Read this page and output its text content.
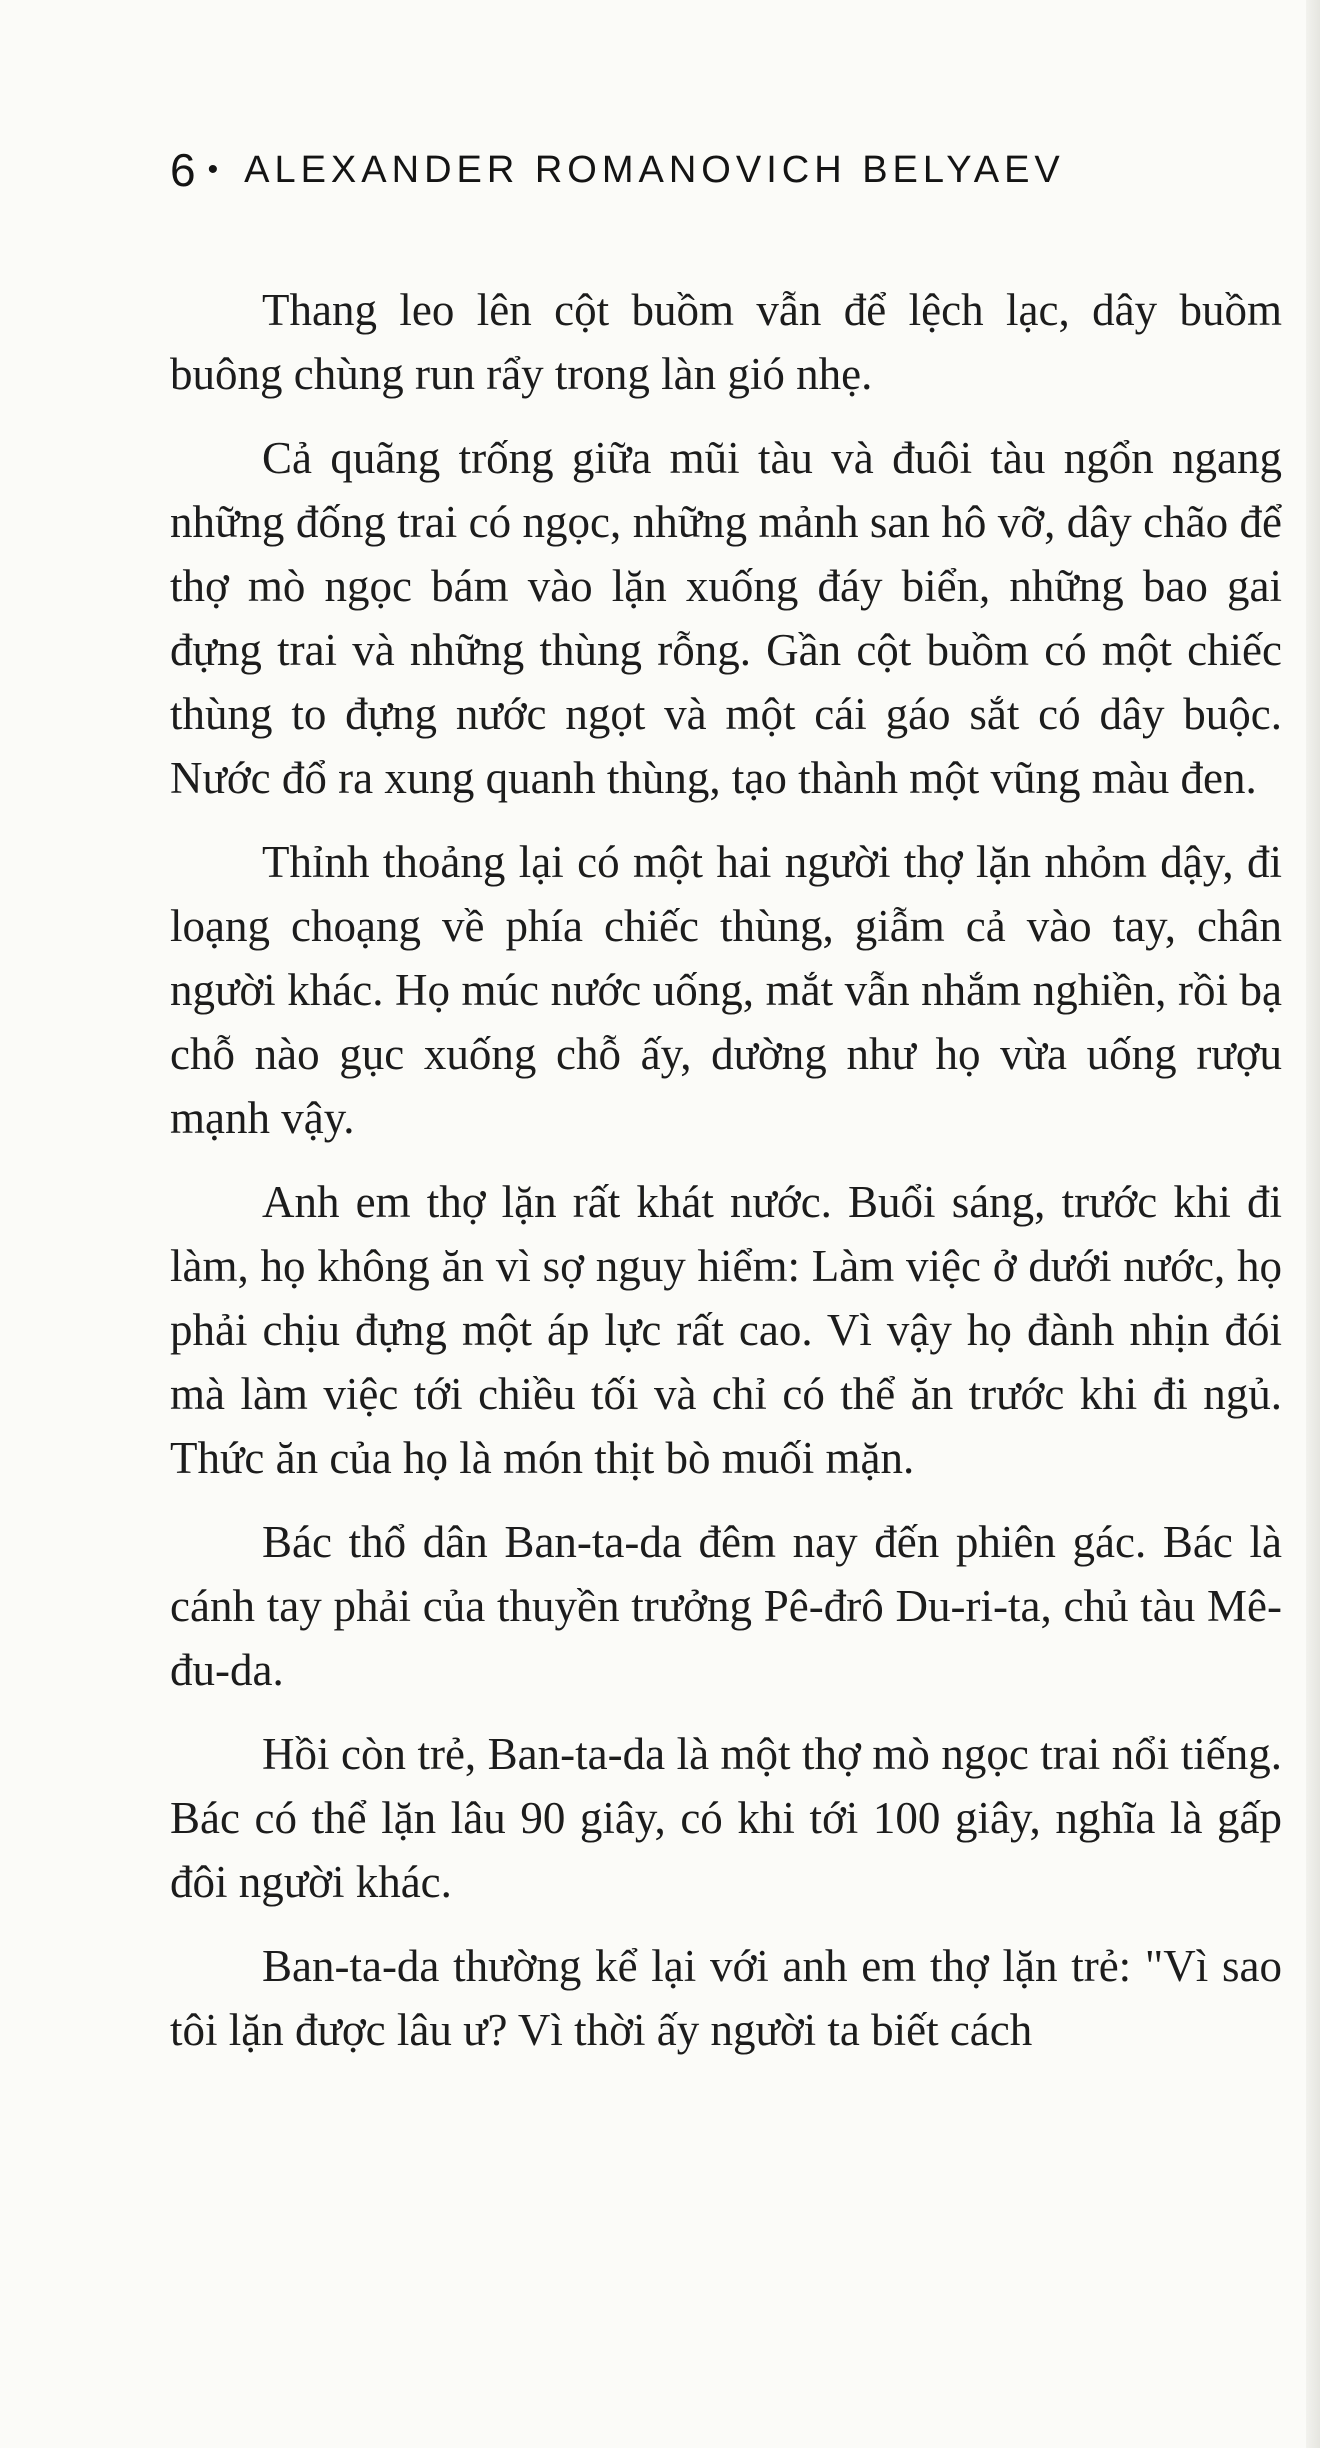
6 • ALEXANDER ROMANOVICH BELYAEV

Thang leo lên cột buồm vẫn để lệch lạc, dây buồm buông chùng run rẩy trong làn gió nhẹ.

Cả quãng trống giữa mũi tàu và đuôi tàu ngổn ngang những đống trai có ngọc, những mảnh san hô vỡ, dây chão để thợ mò ngọc bám vào lặn xuống đáy biển, những bao gai đựng trai và những thùng rỗng. Gần cột buồm có một chiếc thùng to đựng nước ngọt và một cái gáo sắt có dây buộc. Nước đổ ra xung quanh thùng, tạo thành một vũng màu đen.

Thỉnh thoảng lại có một hai người thợ lặn nhỏm dậy, đi loạng choạng về phía chiếc thùng, giẫm cả vào tay, chân người khác. Họ múc nước uống, mắt vẫn nhắm nghiền, rồi bạ chỗ nào gục xuống chỗ ấy, dường như họ vừa uống rượu mạnh vậy.

Anh em thợ lặn rất khát nước. Buổi sáng, trước khi đi làm, họ không ăn vì sợ nguy hiểm: Làm việc ở dưới nước, họ phải chịu đựng một áp lực rất cao. Vì vậy họ đành nhịn đói mà làm việc tới chiều tối và chỉ có thể ăn trước khi đi ngủ. Thức ăn của họ là món thịt bò muối mặn.

Bác thổ dân Ban-ta-da đêm nay đến phiên gác. Bác là cánh tay phải của thuyền trưởng Pê-đrô Du-ri-ta, chủ tàu Mê-đu-da.

Hồi còn trẻ, Ban-ta-da là một thợ mò ngọc trai nổi tiếng. Bác có thể lặn lâu 90 giây, có khi tới 100 giây, nghĩa là gấp đôi người khác.

Ban-ta-da thường kể lại với anh em thợ lặn trẻ: "Vì sao tôi lặn được lâu ư? Vì thời ấy người ta biết cách
